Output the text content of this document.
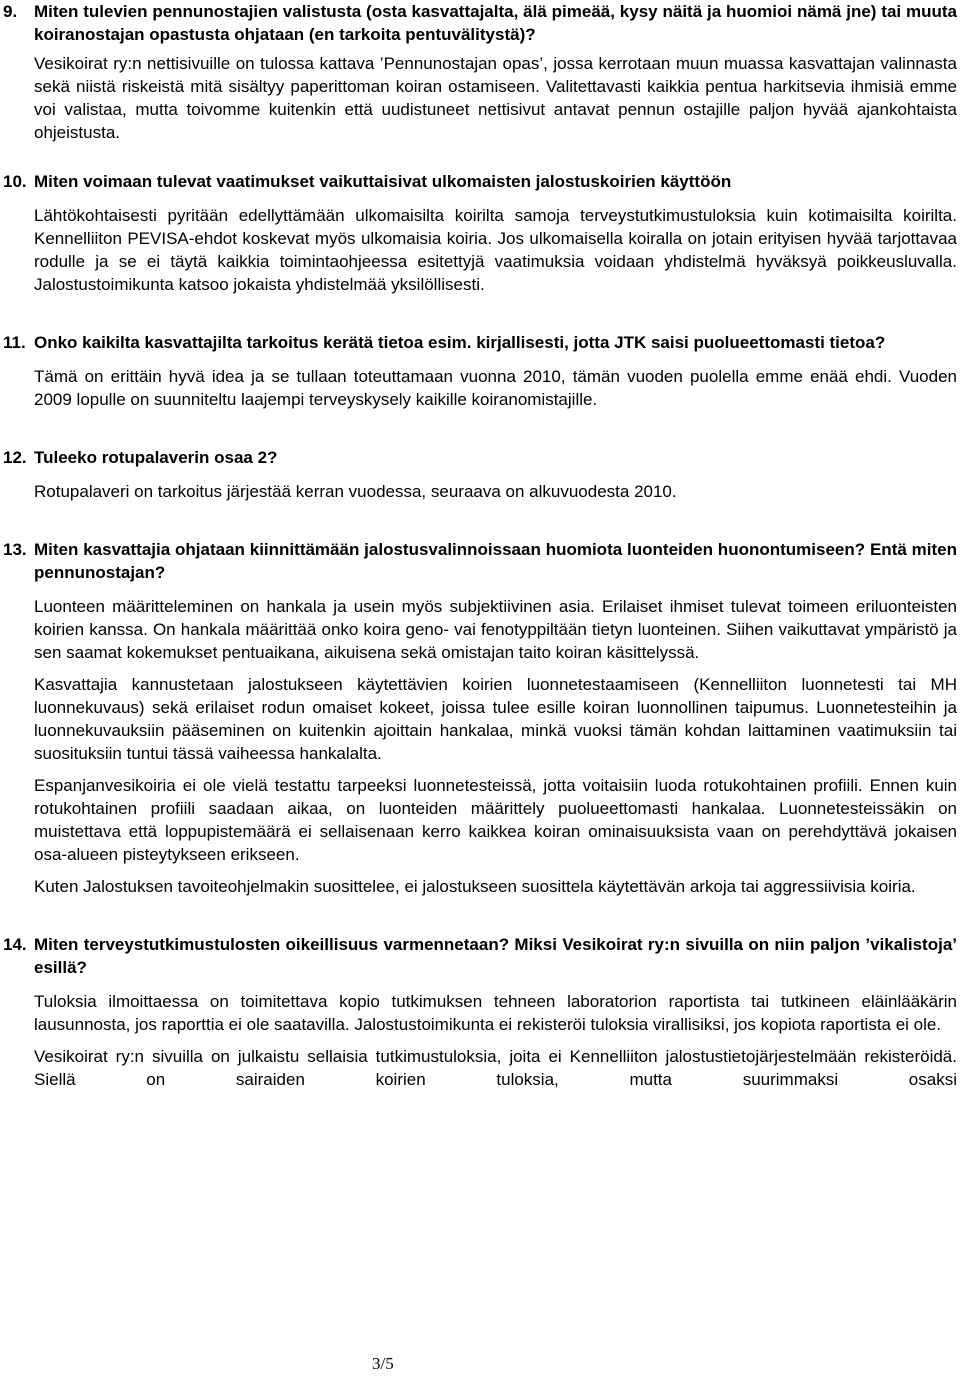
9. Miten tulevien pennunostajien valistusta (osta kasvattajalta, älä pimeää, kysy näitä ja huomioi nämä jne) tai muuta koiranostajan opastusta ohjataan (en tarkoita pentuvälitystä)?

Vesikoirat ry:n nettisivuille on tulossa kattava ’Pennunostajan opas’, jossa kerrotaan muun muassa kasvattajan valinnasta sekä niistä riskeistä mitä sisältyy paperittoman koiran ostamiseen. Valitettavasti kaikkia pentua harkitsevia ihmisiä emme voi valistaa, mutta toivomme kuitenkin että uudistuneet nettisivut antavat pennun ostajille paljon hyvää ajankohtaista ohjeistusta.

10. Miten voimaan tulevat vaatimukset vaikuttaisivat ulkomaisten jalostuskoirien käyttöön

Lähtökohtaisesti pyritään edellyttämään ulkomaisilta koirilta samoja terveystutkimustuloksia kuin kotimaisilta koirilta. Kennelliiton PEVISA-ehdot koskevat myös ulkomaisia koiria. Jos ulkomaisella koiralla on jotain erityisen hyvää tarjottavaa rodulle ja se ei täytä kaikkia toimintaohjeessa esitettyjä vaatimuksia voidaan yhdistelmä hyväksyä poikkeusluvalla. Jalostustoimikunta katsoo jokaista yhdistelmää yksilöllisesti.

11. Onko kaikilta kasvattajilta tarkoitus kerätä tietoa esim. kirjallisesti, jotta JTK saisi puolueettomasti tietoa?

Tämä on erittäin hyvä idea ja se tullaan toteuttamaan vuonna 2010, tämän vuoden puolella emme enää ehdi. Vuoden 2009 lopulle on suunniteltu laajempi terveyskysely kaikille koiranomistajille.

12. Tuleeko rotupalaverin osaa 2?

Rotupalaveri on tarkoitus järjestää kerran vuodessa, seuraava on alkuvuodesta 2010.

13. Miten kasvattajia ohjataan kiinnittämään jalostusvalinnoissaan huomiota luonteiden huonontumiseen? Entä miten pennunostajan?

Luonteen määritteleminen on hankala ja usein myös subjektiivinen asia. Erilaiset ihmiset tulevat toimeen eriluonteisten koirien kanssa. On hankala määrittää onko koira geno- vai fenotyppiltään tietyn luonteinen. Siihen vaikuttavat ympäristö ja sen saamat kokemukset pentuaikana, aikuisena sekä omistajan taito koiran käsittelyssä.

Kasvattajia kannustetaan jalostukseen käytettävien koirien luonnetestaamiseen (Kennelliiton luonnetesti tai MH luonnekuvaus) sekä erilaiset rodun omaiset kokeet, joissa tulee esille koiran luonnollinen taipumus. Luonnetesteihin ja luonnekuvauksiin pääseminen on kuitenkin ajoittain hankalaa, minkä vuoksi tämän kohdan laittaminen vaatimuksiin tai suosituksiin tuntui tässä vaiheessa hankalalta.

Espanjanvesikoiria ei ole vielä testattu tarpeeksi luonnetesteissä, jotta voitaisiin luoda rotukohtainen profiili. Ennen kuin rotukohtainen profiili saadaan aikaa, on luonteiden määrittely puolueettomasti hankalaa. Luonnetesteissäkin on muistettava että loppupistemäärä ei sellaisenaan kerro kaikkea koiran ominaisuuksista vaan on perehdyttävä jokaisen osa-alueen pisteytykseen erikseen.

Kuten Jalostuksen tavoiteohjelmakin suosittelee, ei jalostukseen suosittela käytettävän arkoja tai aggressiivisia koiria.

14. Miten terveystutkimustulosten oikeillisuus varmennetaan? Miksi Vesikoirat ry:n sivuilla on niin paljon ’vikalistoja’ esillä?

Tuloksia ilmoittaessa on toimitettava kopio tutkimuksen tehneen laboratorion raportista tai tutkineen eläinlääkärin lausunnosta, jos raporttia ei ole saatavilla. Jalostustoimikunta ei rekisteröi tuloksia virallisiksi, jos kopiota raportista ei ole.

Vesikoirat ry:n sivuilla on julkaistu sellaisia tutkimustuloksia, joita ei Kennelliiton jalostustietojärjestelmään rekisteröidä. Siellä on sairaiden koirien tuloksia, mutta suurimmaksi osaksi

3/5
